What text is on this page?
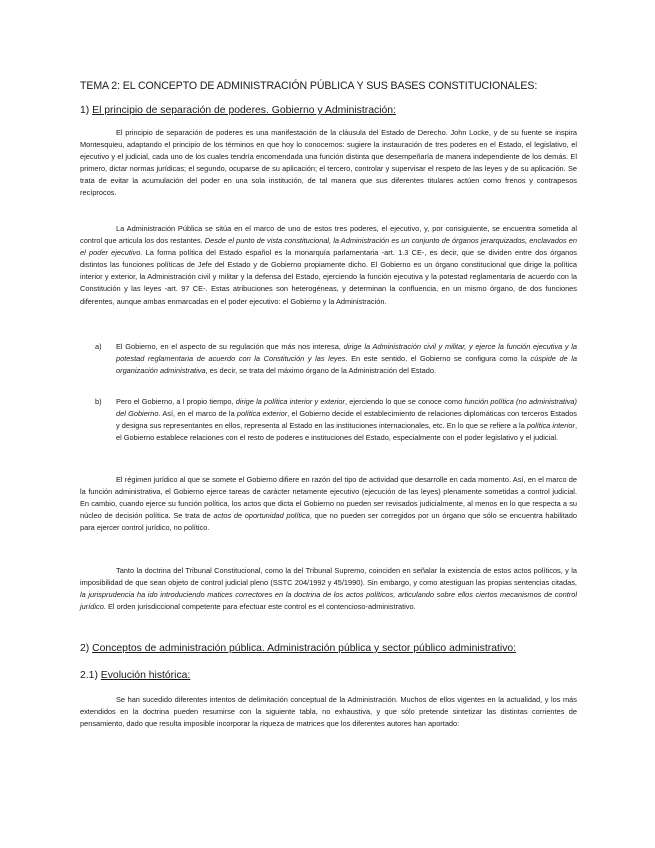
TEMA 2: EL CONCEPTO DE ADMINISTRACIÓN PÚBLICA Y SUS BASES CONSTITUCIONALES:
1) El principio de separación de poderes. Gobierno y Administración:

El principio de separación de poderes es una manifestación de la cláusula del Estado de Derecho. John Locke, y de su fuente se inspira Montesquieu, adaptando el principio de los términos en que hoy lo conocemos: sugiere la instauración de tres poderes en el Estado, el legislativo, el ejecutivo y el judicial, cada uno de los cuales tendría encomendada una función distinta que desempeñaría de manera independiente de los demás. El primero, dictar normas jurídicas; el segundo, ocuparse de su aplicación; el tercero, controlar y supervisar el respeto de las leyes y de su aplicación. Se trata de evitar la acumulación del poder en una sola institución, de tal manera que sus diferentes titulares actúen como frenos y contrapesos recíprocos.

La Administración Pública se sitúa en el marco de uno de estos tres poderes, el ejecutivo, y, por consiguiente, se encuentra sometida al control que articula los dos restantes. Desde el punto de vista constitucional, la Administración es un conjunto de órganos jerarquizados, enclavados en el poder ejecutivo. La forma política del Estado español es la monarquía parlamentaria -art. 1.3 CE-, es decir, que se dividen entre dos órganos distintos las funciones políticas de Jefe del Estado y de Gobierno propiamente dicho. El Gobierno es un órgano constitucional que dirige la política interior y exterior, la Administración civil y militar y la defensa del Estado, ejerciendo la función ejecutiva y la potestad reglamentaria de acuerdo con la Constitución y las leyes -art. 97 CE-. Estas atribuciones son heterogéneas, y determinan la confluencia, en un mismo órgano, de dos funciones diferentes, aunque ambas enmarcadas en el poder ejecutivo: el Gobierno y la Administración.

a)	El Gobierno, en el aspecto de su regulación que más nos interesa, dirige la Administración civil y militar, y ejerce la función ejecutiva y la potestad reglamentaria de acuerdo con la Constitución y las leyes. En este sentido, el Gobierno se configura como la cúspide de la organización administrativa, es decir, se trata del máximo órgano de la Administración del Estado.
b)	Pero el Gobierno, a l propio tiempo, dirige la política interior y exterior, ejerciendo lo que se conoce como función política (no administrativa) del Gobierno. Así, en el marco de la política exterior, el Gobierno decide el establecimiento de relaciones diplomáticas con terceros Estados y designa sus representantes en ellos, representa al Estado en las instituciones internacionales, etc. En lo que se refiere a la política interior, el Gobierno establece relaciones con el resto de poderes e instituciones del Estado, especialmente con el poder legislativo y el judicial.

El régimen jurídico al que se somete el Gobierno difiere en razón del tipo de actividad que desarrolle en cada momento. Así, en el marco de la función administrativa, el Gobierno ejerce tareas de carácter netamente ejecutivo (ejecución de las leyes) plenamente sometidas a control judicial. En cambio, cuando ejerce su función política, los actos que dicta el Gobierno no pueden ser revisados judicialmente, al menos en lo que respecta a su núcleo de decisión política. Se trata de actos de oportunidad política, que no pueden ser corregidos por un órgano que sólo se encuentra habilitado para ejercer control jurídico, no político.

Tanto la doctrina del Tribunal Constitucional, como la del Tribunal Supremo, coinciden en señalar la existencia de estos actos políticos, y la imposibilidad de que sean objeto de control judicial pleno (SSTC 204/1992 y 45/1990). Sin embargo, y como atestiguan las propias sentencias citadas, la jurisprudencia ha ido introduciendo matices correctores en la doctrina de los actos políticos, articulando sobre ellos ciertos mecanismos de control jurídico. El orden jurisdiccional competente para efectuar este control es el contencioso-administrativo.

2) Conceptos de administración pública. Administración pública y sector público administrativo:
2.1) Evolución histórica:

Se han sucedido diferentes intentos de delimitación conceptual de la Administración. Muchos de ellos vigentes en la actualidad, y los más extendidos en la doctrina pueden resumirse con la siguiente tabla, no exhaustiva, y que sólo pretende sintetizar las distintas corrientes de pensamiento, dado que resulta imposible incorporar la riqueza de matrices que los diferentes autores han aportado:
